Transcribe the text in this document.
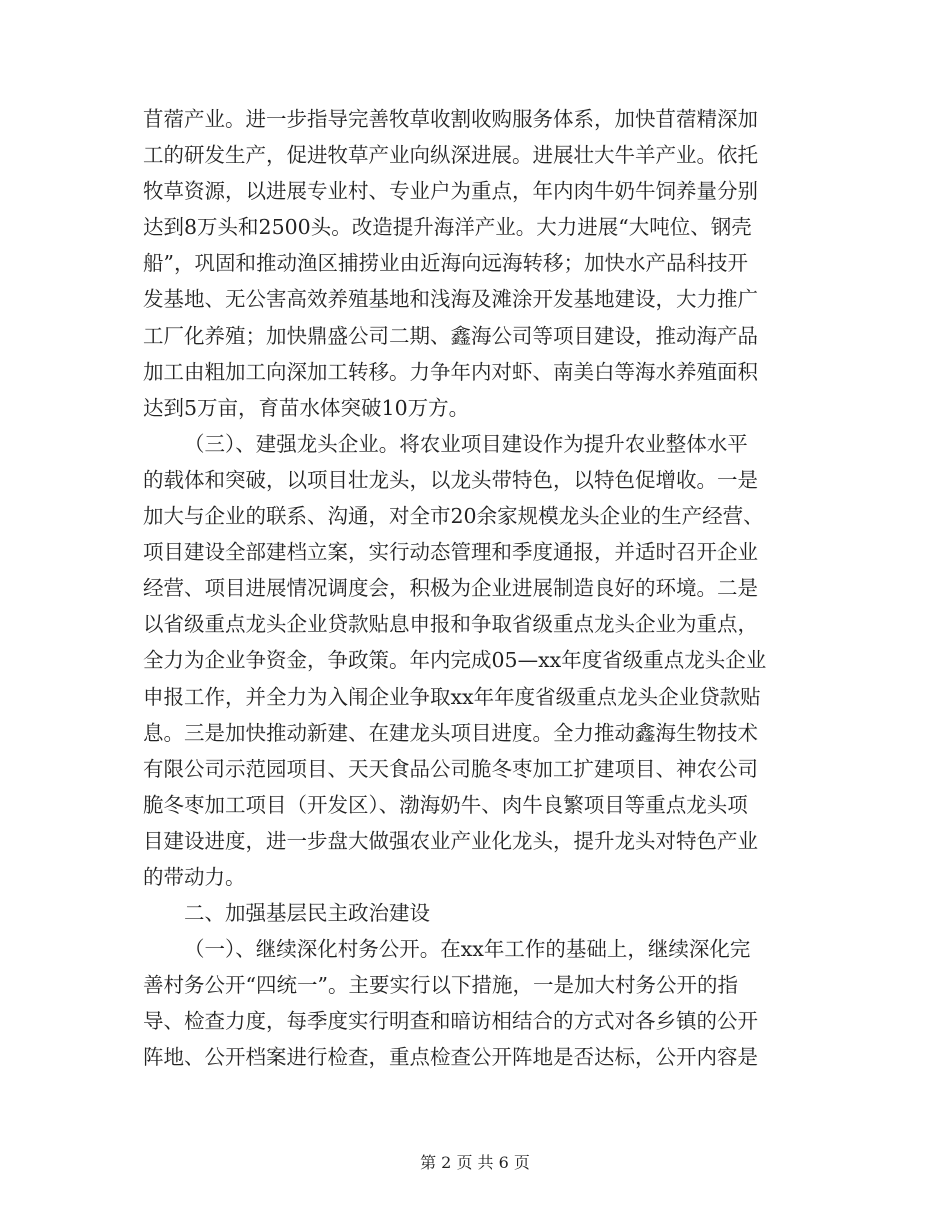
苜蓿产业。进一步指导完善牧草收割收购服务体系，加快苜蓿精深加
工的研发生产，促进牧草产业向纵深进展。进展壮大牛羊产业。依托
牧草资源，以进展专业村、专业户为重点，年内肉牛奶牛饲养量分别
达到8万头和2500头。改造提升海洋产业。大力进展“大吨位、钢壳
船”，巩固和推动渔区捕捞业由近海向远海转移；加快水产品科技开
发基地、无公害高效养殖基地和浅海及滩涂开发基地建设，大力推广
工厂化养殖；加快鼎盛公司二期、鑫海公司等项目建设，推动海产品
加工由粗加工向深加工转移。力争年内对虾、南美白等海水养殖面积
达到5万亩，育苗水体突破10万方。
（三）、建强龙头企业。将农业项目建设作为提升农业整体水平
的载体和突破，以项目壮龙头，以龙头带特色，以特色促增收。一是
加大与企业的联系、沟通，对全市20余家规模龙头企业的生产经营、
项目建设全部建档立案，实行动态管理和季度通报，并适时召开企业
经营、项目进展情况调度会，积极为企业进展制造良好的环境。二是
以省级重点龙头企业贷款贴息申报和争取省级重点龙头企业为重点，
全力为企业争资金，争政策。年内完成05—xx年度省级重点龙头企业
申报工作，并全力为入闱企业争取xx年年度省级重点龙头企业贷款贴
息。三是加快推动新建、在建龙头项目进度。全力推动鑫海生物技术
有限公司示范园项目、天天食品公司脆冬枣加工扩建项目、神农公司
脆冬枣加工项目（开发区）、渤海奶牛、肉牛良繁项目等重点龙头项
目建设进度，进一步盘大做强农业产业化龙头，提升龙头对特色产业
的带动力。
二、加强基层民主政治建设
（一）、继续深化村务公开。在xx年工作的基础上，继续深化完
善村务公开“四统一”。主要实行以下措施，一是加大村务公开的指
导、检查力度，每季度实行明查和暗访相结合的方式对各乡镇的公开
阵地、公开档案进行检查，重点检查公开阵地是否达标，公开内容是
第 2 页 共 6 页
